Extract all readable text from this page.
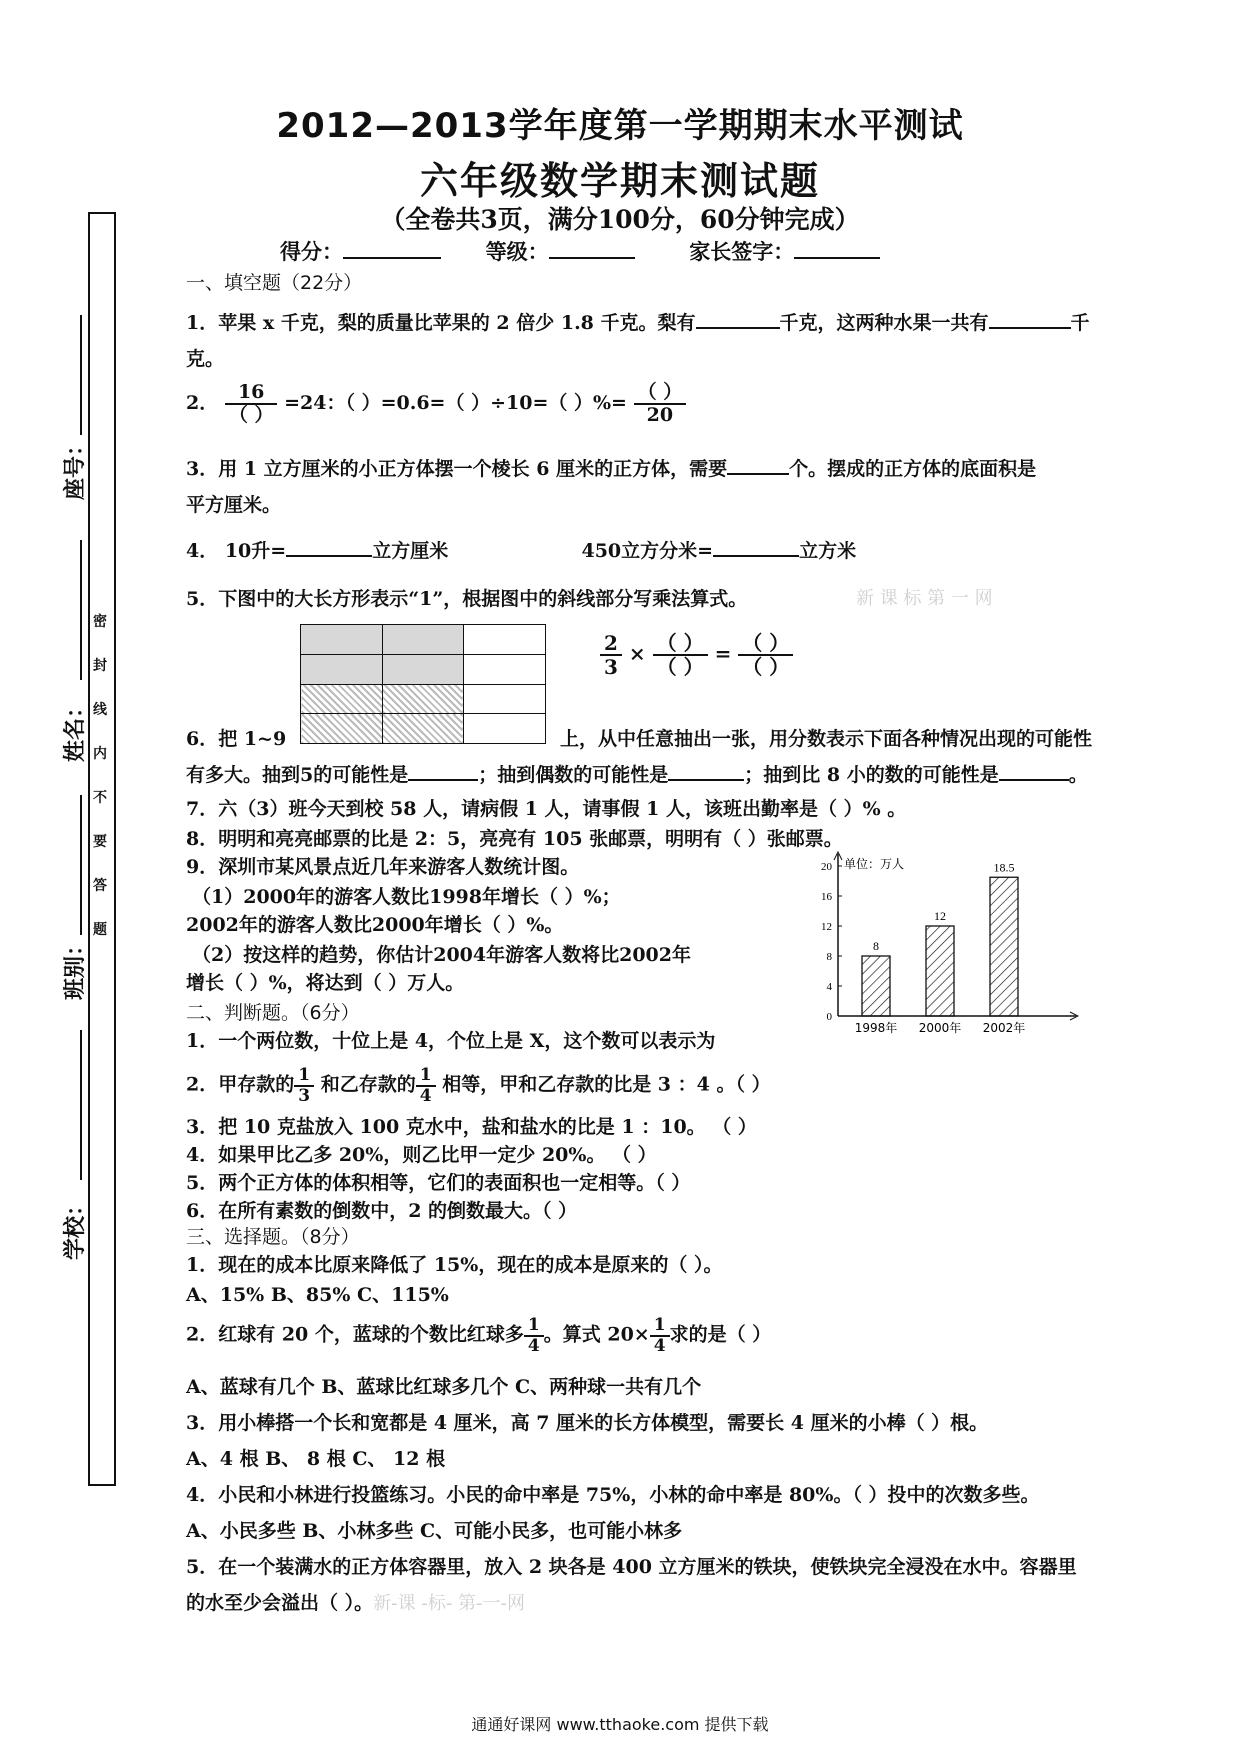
2012—2013学年度第一学期期末水平测试
六年级数学期末测试题
（全卷共3页，满分100分，60分钟完成）
得分：	等级：	家长签字：
密
封
线
内
不
要
答
题
座号：
姓名：
班别：
学校：
一、填空题（22分）
1．苹果 x 千克，梨的质量比苹果的 2 倍少 1.8 千克。梨有	千克，这两种水果一共有	千
克。
2． $\frac{16}{( )} =24$：（ ）=0.6=（ ）÷10=（ ）%= $\frac{( )}{20}$
3．用 1 立方厘米的小正方体摆一个棱长 6 厘米的正方体，需要	个。摆成的正方体的底面积是
平方厘米。
4． 10升=	立方厘米	450立方分米=	立方米
5．下图中的大长方形表示“1”，根据图中的斜线部分写乘法算式。	新 课 标 第 一 网

$\frac{2}{3} \times \frac{( )}{( )} = \frac{( )}{( )}$
6．把 1~9	上，从中任意抽出一张，用分数表示下面各种情况出现的可能性
有多大。抽到5的可能性是	；抽到偶数的可能性是	；抽到比 8 小的数的可能性是	。
7．六（3）班今天到校 58 人，请病假 1 人，请事假 1 人，该班出勤率是（ ）% 。
8．明明和亮亮邮票的比是 2：5，亮亮有 105 张邮票，明明有（ ）张邮票。
9．深圳市某风景点近几年来游客人数统计图。
（1）2000年的游客人数比1998年增长（ ）%；
2002年的游客人数比2000年增长（ ）%。
（2）按这样的趋势，你估计2004年游客人数将比2002年
增长（ ）%，将达到（ ）万人。
0
4
8
12
16
20 单位：万人
8
1998年
12
2000年
18.5
2002年
二、判断题。（6分）
1．一个两位数，十位上是 4，个位上是 X，这个数可以表示为
2．甲存款的 $\frac{1}{3}$ 和乙存款的 $\frac{1}{4}$ 相等，甲和乙存款的比是 3 ：4 。（ ）
3．把 10 克盐放入 100 克水中，盐和盐水的比是 1 ：10。 （ ）
4．如果甲比乙多 20%，则乙比甲一定少 20%。 （ ）
5．两个正方体的体积相等，它们的表面积也一定相等。（ ）
6．在所有素数的倒数中，2 的倒数最大。（ ）
三、选择题。（8分）
1．现在的成本比原来降低了 15%，现在的成本是原来的（ ）。
A、15% B、85% C、115%
2．红球有 20 个，蓝球的个数比红球多 $\frac{1}{4}$ 。算式 $20\times \frac{1}{4}$ 求的是（ ）
A、蓝球有几个 B、蓝球比红球多几个 C、两种球一共有几个
3．用小棒搭一个长和宽都是 4 厘米，高 7 厘米的长方体模型，需要长 4 厘米的小棒（ ）根。
A、4 根 B、 8 根 C、 12 根
4．小民和小林进行投篮练习。小民的命中率是 75%，小林的命中率是 80%。（ ）投中的次数多些。
A、小民多些 B、小林多些 C、可能小民多，也可能小林多
5．在一个装满水的正方体容器里，放入 2 块各是 400 立方厘米的铁块，使铁块完全浸没在水中。容器里
的水至少会溢出（ ）。新-课 -标- 第-一-网
通通好课网 www.tthaoke.com 提供下载
